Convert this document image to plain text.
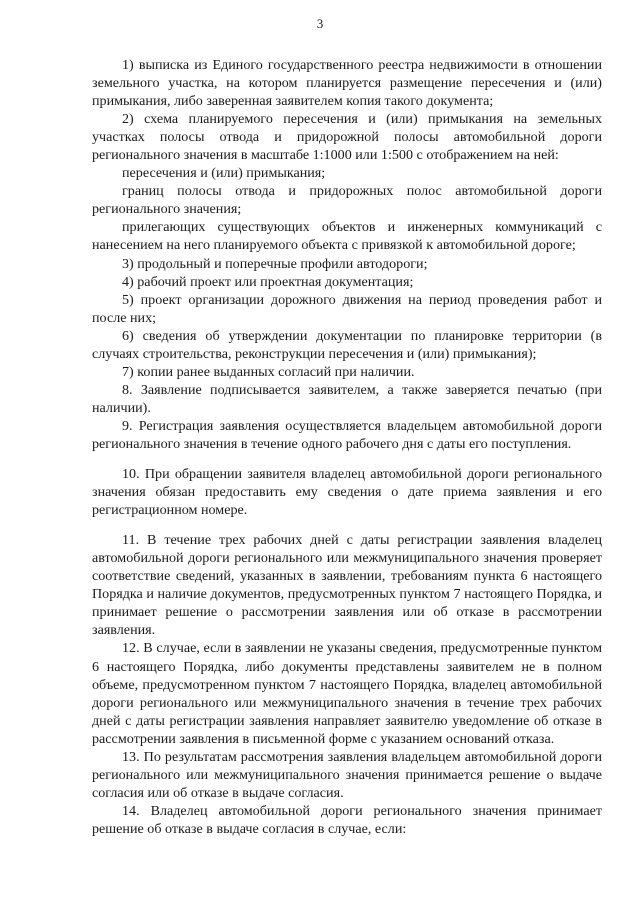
3

1) выписка из Единого государственного реестра недвижимости в отношении земельного участка, на котором планируется размещение пересечения и (или) примыкания, либо заверенная заявителем копия такого документа;

2) схема планируемого пересечения и (или) примыкания на земельных участках полосы отвода и придорожной полосы автомобильной дороги регионального значения в масштабе 1:1000 или 1:500 с отображением на ней:

пересечения и (или) примыкания;

границ полосы отвода и придорожных полос автомобильной дороги регионального значения;

прилегающих существующих объектов и инженерных коммуникаций с нанесением на него планируемого объекта с привязкой к автомобильной дороге;

3) продольный и поперечные профили автодороги;

4) рабочий проект или проектная документация;

5) проект организации дорожного движения на период проведения работ и после них;

6) сведения об утверждении документации по планировке территории (в случаях строительства, реконструкции пересечения и (или) примыкания);

7) копии ранее выданных согласий при наличии.

8. Заявление подписывается заявителем, а также заверяется печатью (при наличии).

9. Регистрация заявления осуществляется владельцем автомобильной дороги регионального значения в течение одного рабочего дня с даты его поступления.

10. При обращении заявителя владелец автомобильной дороги регионального значения обязан предоставить ему сведения о дате приема заявления и его регистрационном номере.

11. В течение трех рабочих дней с даты регистрации заявления владелец автомобильной дороги регионального или межмуниципального значения проверяет соответствие сведений, указанных в заявлении, требованиям пункта 6 настоящего Порядка и наличие документов, предусмотренных пунктом 7 настоящего Порядка, и принимает решение о рассмотрении заявления или об отказе в рассмотрении заявления.

12. В случае, если в заявлении не указаны сведения, предусмотренные пунктом 6 настоящего Порядка, либо документы представлены заявителем не в полном объеме, предусмотренном пунктом 7 настоящего Порядка, владелец автомобильной дороги регионального или межмуниципального значения в течение трех рабочих дней с даты регистрации заявления направляет заявителю уведомление об отказе в рассмотрении заявления в письменной форме с указанием оснований отказа.

13. По результатам рассмотрения заявления владельцем автомобильной дороги регионального или межмуниципального значения принимается решение о выдаче согласия или об отказе в выдаче согласия.

14. Владелец автомобильной дороги регионального значения принимает решение об отказе в выдаче согласия в случае, если:
